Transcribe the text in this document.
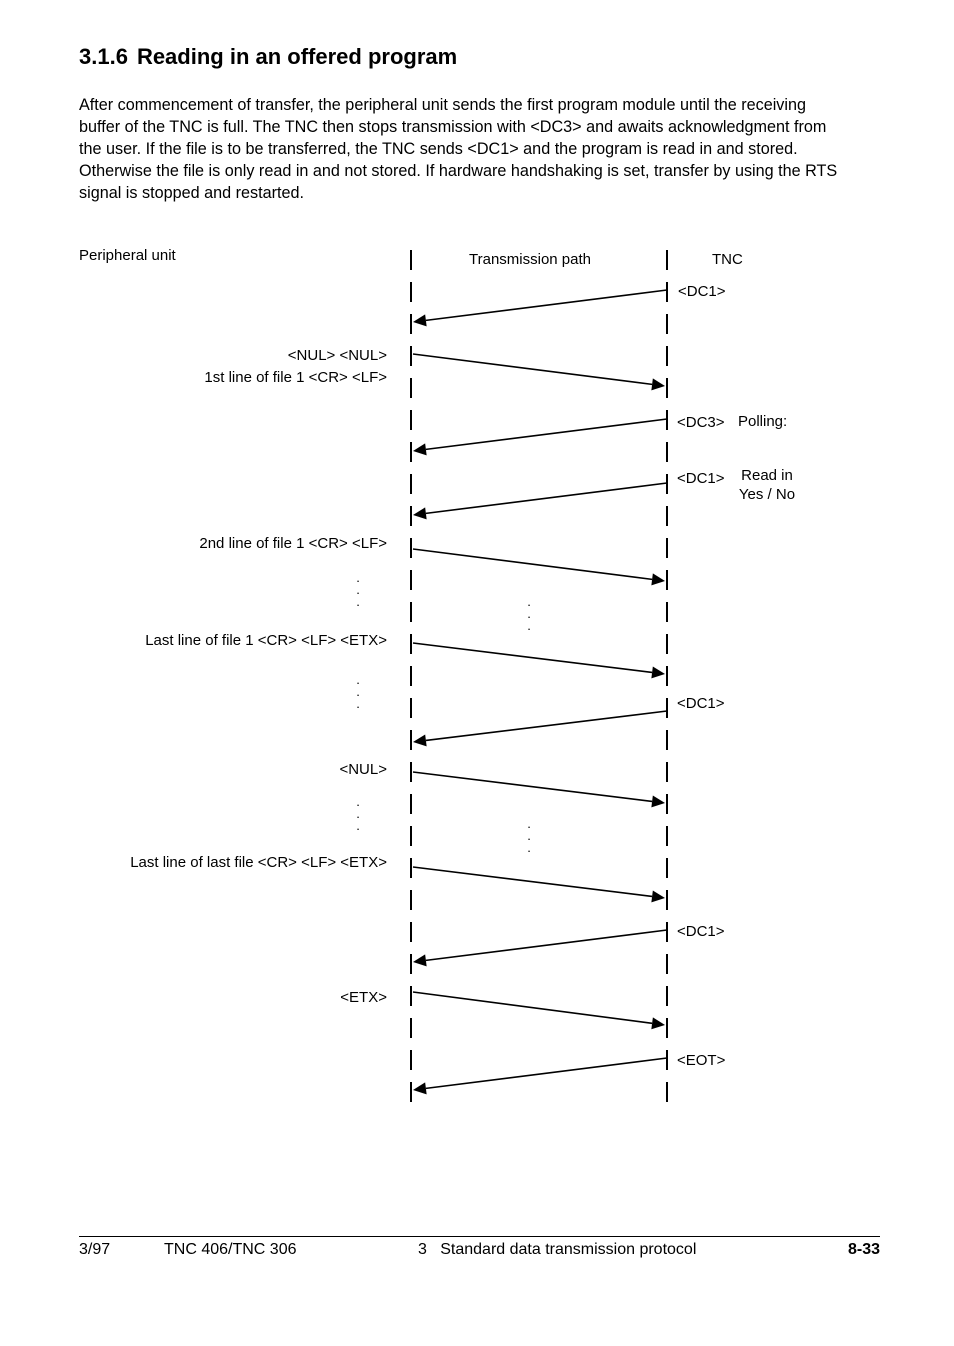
3.1.6 Reading in an offered program

After commencement of transfer, the peripheral unit sends the first program module until the receiving buffer of the TNC is full. The TNC then stops transmission with <DC3> and awaits acknowledgment from the user. If the file is to be transferred, the TNC sends <DC1> and the program is read in and stored. Otherwise the file is only read in and not stored. If hardware handshaking is set, transfer by using the RTS signal is stopped and restarted.

Peripheral unit	Transmission path	TNC
<NUL> <NUL>
1st line of file 1 <CR> <LF>
2nd line of file 1 <CR> <LF>
Last line of file 1 <CR> <LF> <ETX>
<NUL>
Last line of last file <CR> <LF> <ETX>
<ETX>
<DC1>
<DC3> Polling:
<DC1>	Read in
Yes / No
<DC1>
<DC1>
<EOT>
. . .	. . .
. . .
. . .	. . .
3/97	TNC 406/TNC 306	3   Standard data transmission protocol	8-33
